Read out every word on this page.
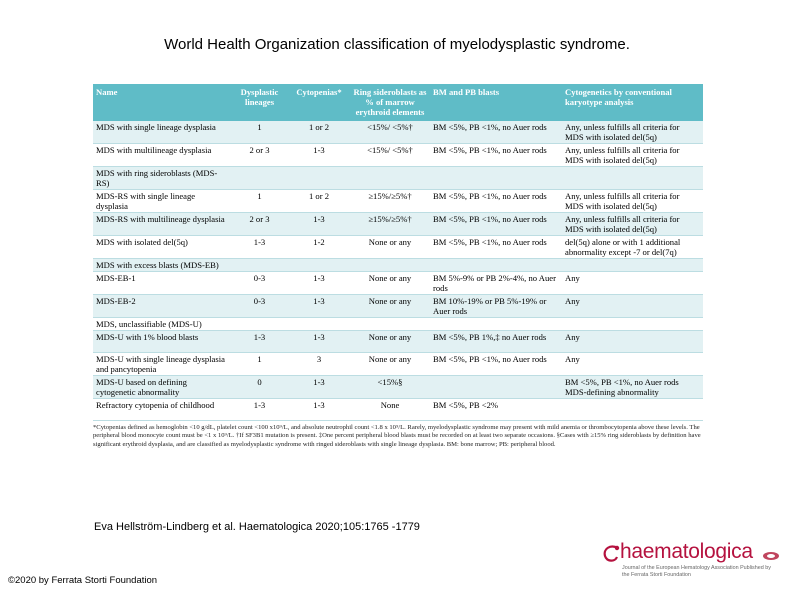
World Health Organization classification of myelodysplastic syndrome.
Name	Dysplastic lineages	Cytopenias*	Ring sideroblasts as % of marrow erythroid elements	BM and PB blasts	Cytogenetics by conventional karyotype analysis
MDS with single lineage dysplasia	1	1 or 2	<15%/ <5%†	BM <5%, PB <1%, no Auer rods	Any, unless fulfills all criteria for MDS with isolated del(5q)
MDS with multilineage dysplasia	2 or 3	1-3	<15%/ <5%†	BM <5%, PB <1%, no Auer rods	Any, unless fulfills all criteria for MDS with isolated del(5q)
MDS with ring sideroblasts (MDS-RS)					
MDS-RS with single lineage dysplasia	1	1 or 2	≥15%/≥5%†	BM <5%, PB <1%, no Auer rods	Any, unless fulfills all criteria for MDS with isolated del(5q)
MDS-RS with multilineage dysplasia	2 or 3	1-3	≥15%/≥5%†	BM <5%, PB <1%, no Auer rods	Any, unless fulfills all criteria for MDS with isolated del(5q)
MDS with isolated del(5q)	1-3	1-2	None or any	BM <5%, PB <1%, no Auer rods	del(5q) alone or with 1 additional abnormality except -7 or del(7q)
MDS with excess blasts (MDS-EB)					
MDS-EB-1	0-3	1-3	None or any	BM 5%-9% or PB 2%-4%, no Auer rods	Any
MDS-EB-2	0-3	1-3	None or any	BM 10%-19% or PB 5%-19% or Auer rods	Any
MDS, unclassifiable (MDS-U)					
MDS-U with 1% blood blasts	1-3	1-3	None or any	BM <5%, PB 1%,‡ no Auer rods	Any
MDS-U with single lineage dysplasia and pancytopenia	1	3	None or any	BM <5%, PB <1%, no Auer rods	Any
MDS-U based on defining cytogenetic abnormality	0	1-3	<15%§		BM <5%, PB <1%, no Auer rods MDS-defining abnormality
Refractory cytopenia of childhood	1-3	1-3	None	BM <5%, PB <2%	
*Cytopenias defined as hemoglobin <10 g/dL, platelet count <100 x10⁹/L, and absolute neutrophil count <1.8 x 10⁹/L. Rarely, myelodysplastic syndrome may present with mild anemia or thrombocytopenia above these levels. The peripheral blood monocyte count must be <1 x 10⁹/L. †If SF3B1 mutation is present. ‡One percent peripheral blood blasts must be recorded on at least two separate occasions. §Cases with ≥15% ring sideroblasts by definition have significant erythroid dysplasia, and are classified as myelodysplastic syndrome with ringed sideroblasts with single lineage dysplasia. BM: bone marrow; PB: peripheral blood.
Eva Hellström-Lindberg et al. Haematologica 2020;105:1765 -1779
©2020 by Ferrata Storti Foundation
haematologica
Journal of the European Hematology Association Published by the Ferrata Storti Foundation
